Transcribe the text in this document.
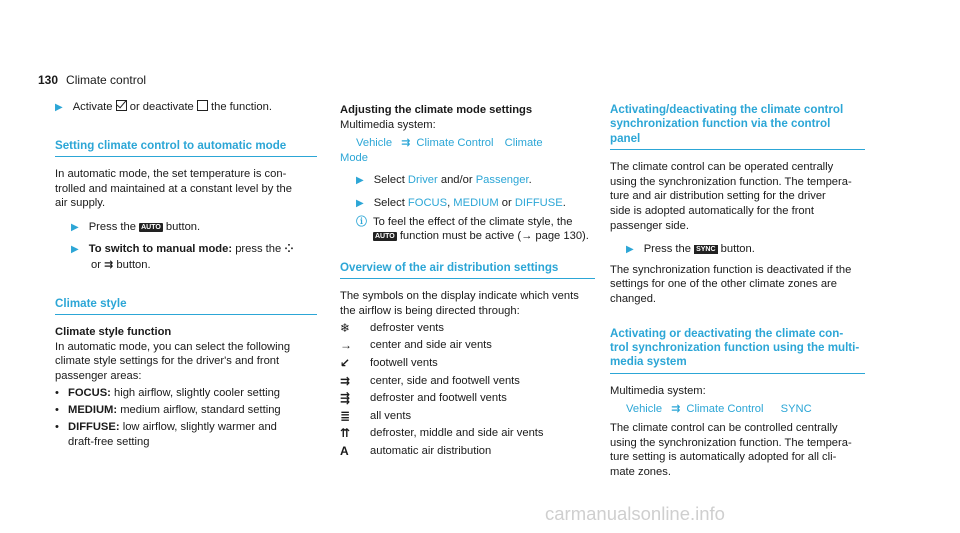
130 Climate control
▶ Activate or deactivate the function.
Setting climate control to automatic mode
In automatic mode, the set temperature is con-
trolled and maintained at a constant level by the
air supply.
▶ Press the AUTO button.
▶ To switch to manual mode: press the ⁘
or ⇉ button.
Climate style
Climate style function
In automatic mode, you can select the following
climate style settings for the driver's and front
passenger areas:
• FOCUS: high airflow, slightly cooler setting
• MEDIUM: medium airflow, standard setting
• DIFFUSE: low airflow, slightly warmer and
draft-free setting
Adjusting the climate mode settings
Multimedia system:
Vehicle ⇉ Climate Control Climate
Mode
▶ Select Driver and/or Passenger.
▶ Select FOCUS, MEDIUM or DIFFUSE.
ⓘ To feel the effect of the climate style, the
AUTO function must be active (→ page 130).
Overview of the air distribution settings
The symbols on the display indicate which vents
the airflow is being directed through:
❄	defroster vents
→	center and side air vents
↙	footwell vents
⇉	center, side and footwell vents
⇶	defroster and footwell vents
≣	all vents
⇈	defroster, middle and side air vents
A	automatic air distribution
Activating/deactivating the climate control
synchronization function via the control
panel
The climate control can be operated centrally
using the synchronization function. The tempera-
ture and air distribution setting for the driver
side is adopted automatically for the front
passenger side.
▶ Press the SYNC button.
The synchronization function is deactivated if the
settings for one of the other climate zones are
changed.
Activating or deactivating the climate con-
trol synchronization function using the multi-
media system
Multimedia system:
Vehicle ⇉ Climate Control SYNC
The climate control can be controlled centrally
using the synchronization function. The tempera-
ture setting is automatically adopted for all cli-
mate zones.
carmanualsonline.info
